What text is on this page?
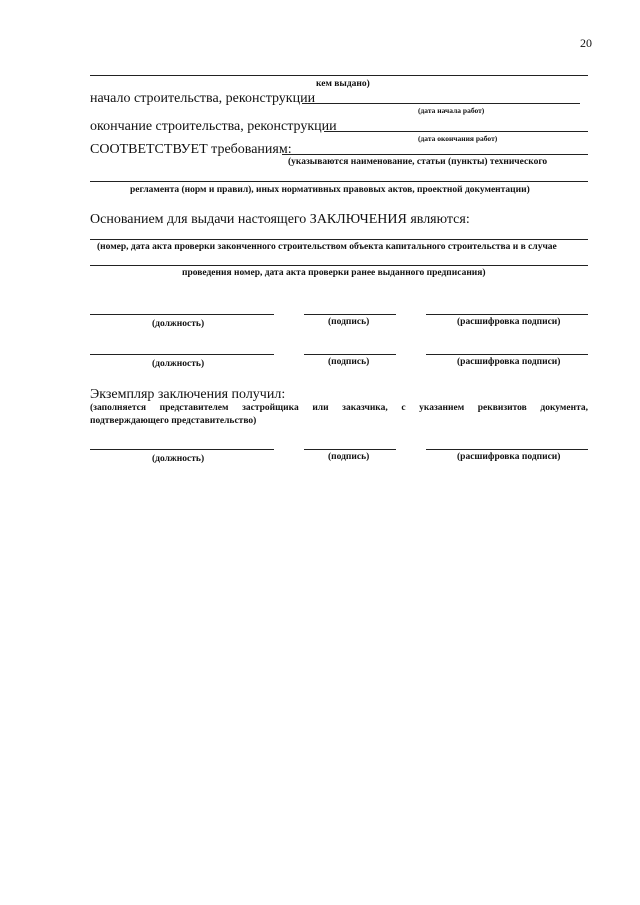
20
кем выдано)
начало строительства, реконструкции
(дата начала работ)
окончание строительства, реконструкции
(дата окончания работ)
СООТВЕТСТВУЕТ требованиям:
(указываются наименование, статьи (пункты) технического
регламента (норм и правил), иных нормативных правовых актов, проектной документации)
Основанием для выдачи настоящего ЗАКЛЮЧЕНИЯ являются:
(номер, дата акта проверки законченного строительством объекта капитального строительства и в случае
проведения номер, дата акта проверки ранее выданного предписания)
(должность)	(подпись)	(расшифровка подписи)
(должность)	(подпись)	(расшифровка подписи)
Экземпляр заключения получил:
(заполняется представителем застройщика или заказчика, с указанием реквизитов документа,
подтверждающего представительство)
(должность)	(подпись)	(расшифровка подписи)
